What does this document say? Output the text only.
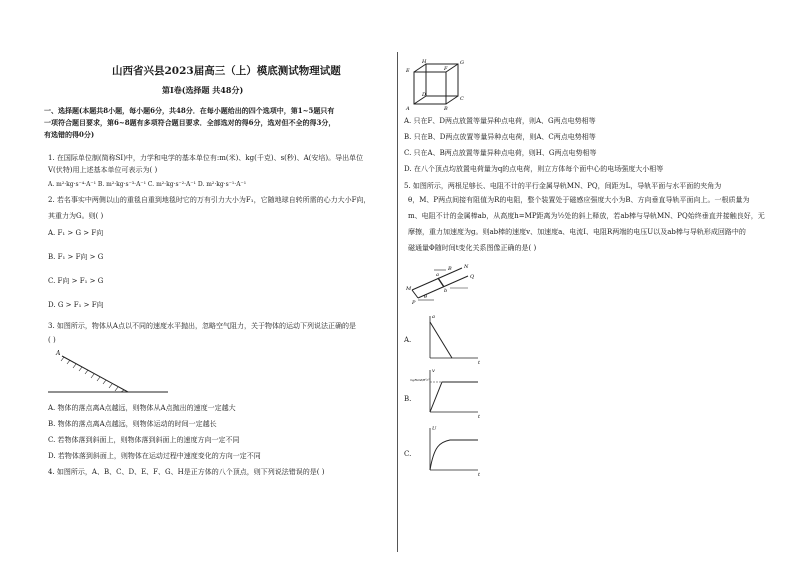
山西省兴县2023届高三（上）模底测试物理试题
第Ⅰ卷(选择题 共48分)
一、选择题(本题共8小题，每小题6分，共48分．在每小题给出的四个选项中，第1~5题只有
一项符合题目要求，第6~8题有多项符合题目要求．全部选对的得6分，选对但不全的得3分，
有选错的得0分)
1. 在国际单位制(简称SI)中，力学和电学的基本单位有:m(米)、kg(千克)、s(秒)、A(安培)。导出单位
V(伏特)用上述基本单位可表示为( )
A. m²·kg·s⁻⁴·A⁻¹ B. m²·kg·s⁻³·A⁻¹ C. m²·kg·s⁻²·A⁻¹ D. m²·kg·s⁻¹·A⁻¹
2. 若名事实中两侧以山的重毯自重到地毯时它的万有引力大小为F₁，它随地球自转所需的心力大小F向，
其重力为G。则( )
A. F₁ > G > F向
B. F₁ > F向 > G
C. F向 > F₁ > G
D. G > F₁ > F向
3. 如图所示，物体从A点以不同的速度水平抛出，忽略空气阻力，关于物体的运动下列说法正确的是
( )
A
A. 物体的落点离A点越远，则物体从A点抛出的速度一定越大
B. 物体的落点离A点越远，则物体运动的时间一定越长
C. 若物体落到斜面上，则物体落到斜面上的速度方向一定不同
D. 若物体落到斜面上，则物体在运动过程中速度变化的方向一定不同
4. 如图所示，A、B、C、D、E、F、G、H是正方体的八个顶点，则下列说法错误的是( )
E	F
H	G
A	B
D
C
A. 只在F、D两点放置等量异种点电荷，则A、G两点电势相等
B. 只在B、D两点放置等量异种点电荷，则A、C两点电势相等
C. 只在A、B两点放置等量异种点电荷，则H、G两点电势相等
D. 在八个顶点均放置电荷量为q的点电荷，则立方体每个面中心的电场强度大小相等
5. 如图所示，两根足够长、电阻不计的平行金属导轨MN、PQ，间距为L，导轨平面与水平面的夹角为
θ，M、P两点间接有阻值为R的电阻，整个装置处于磁感应强度大小为B、方向垂直导轨平面向上。一根质量为
m、电阻不计的金属棒ab，从高度h=MP距离为½处的斜上释放，若ab棒与导轨MN、PQ始终垂直并接触良好，无
摩擦，重力加速度为g。则ab棒的速度v、加速度a、电流I、电阻R两端的电压U以及ab棒与导轨形成回路中的
磁通量Φ随时间t变化关系图像正确的是( )
M
N
P
Q
a
b
θ
B
A.
a
t
B.
v
mgRsinθ/B²L²
t
C.
U
t
